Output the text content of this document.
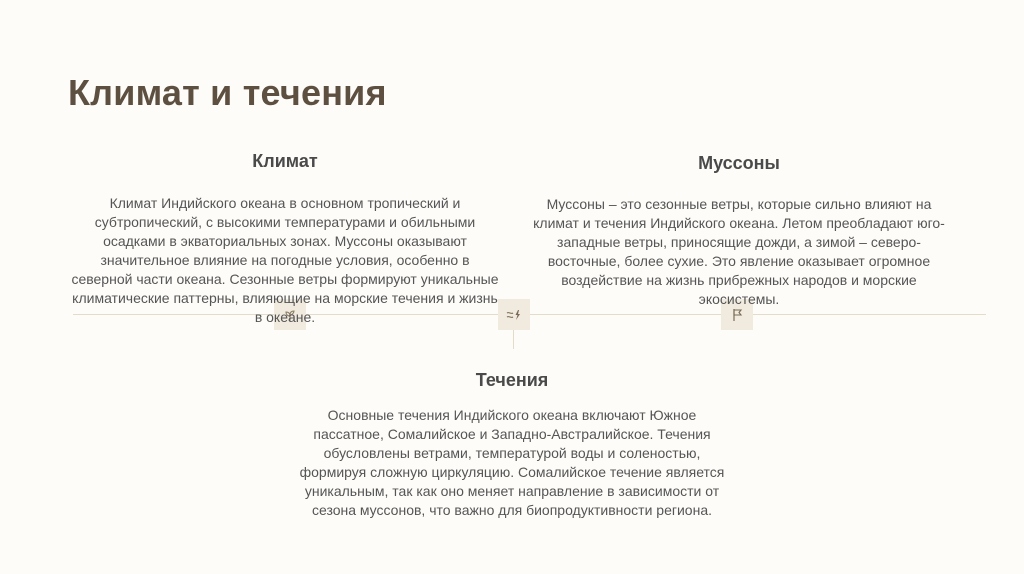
Климат и течения
Климат

Климат Индийского океана в основном тропический и субтропический, с высокими температурами и обильными осадками в экваториальных зонах. Муссоны оказывают значительное влияние на погодные условия, особенно в северной части океана. Сезонные ветры формируют уникальные климатические паттерны, влияющие на морские течения и жизнь в океане.

Муссоны

Муссоны – это сезонные ветры, которые сильно влияют на климат и течения Индийского океана. Летом преобладают юго-западные ветры, приносящие дожди, а зимой – северо-восточные, более сухие. Это явление оказывает огромное воздействие на жизнь прибрежных народов и морские экосистемы.

Течения

Основные течения Индийского океана включают Южное пассатное, Сомалийское и Западно-Австралийское. Течения обусловлены ветрами, температурой воды и соленостью, формируя сложную циркуляцию. Сомалийское течение является уникальным, так как оно меняет направление в зависимости от сезона муссонов, что важно для биопродуктивности региона.
